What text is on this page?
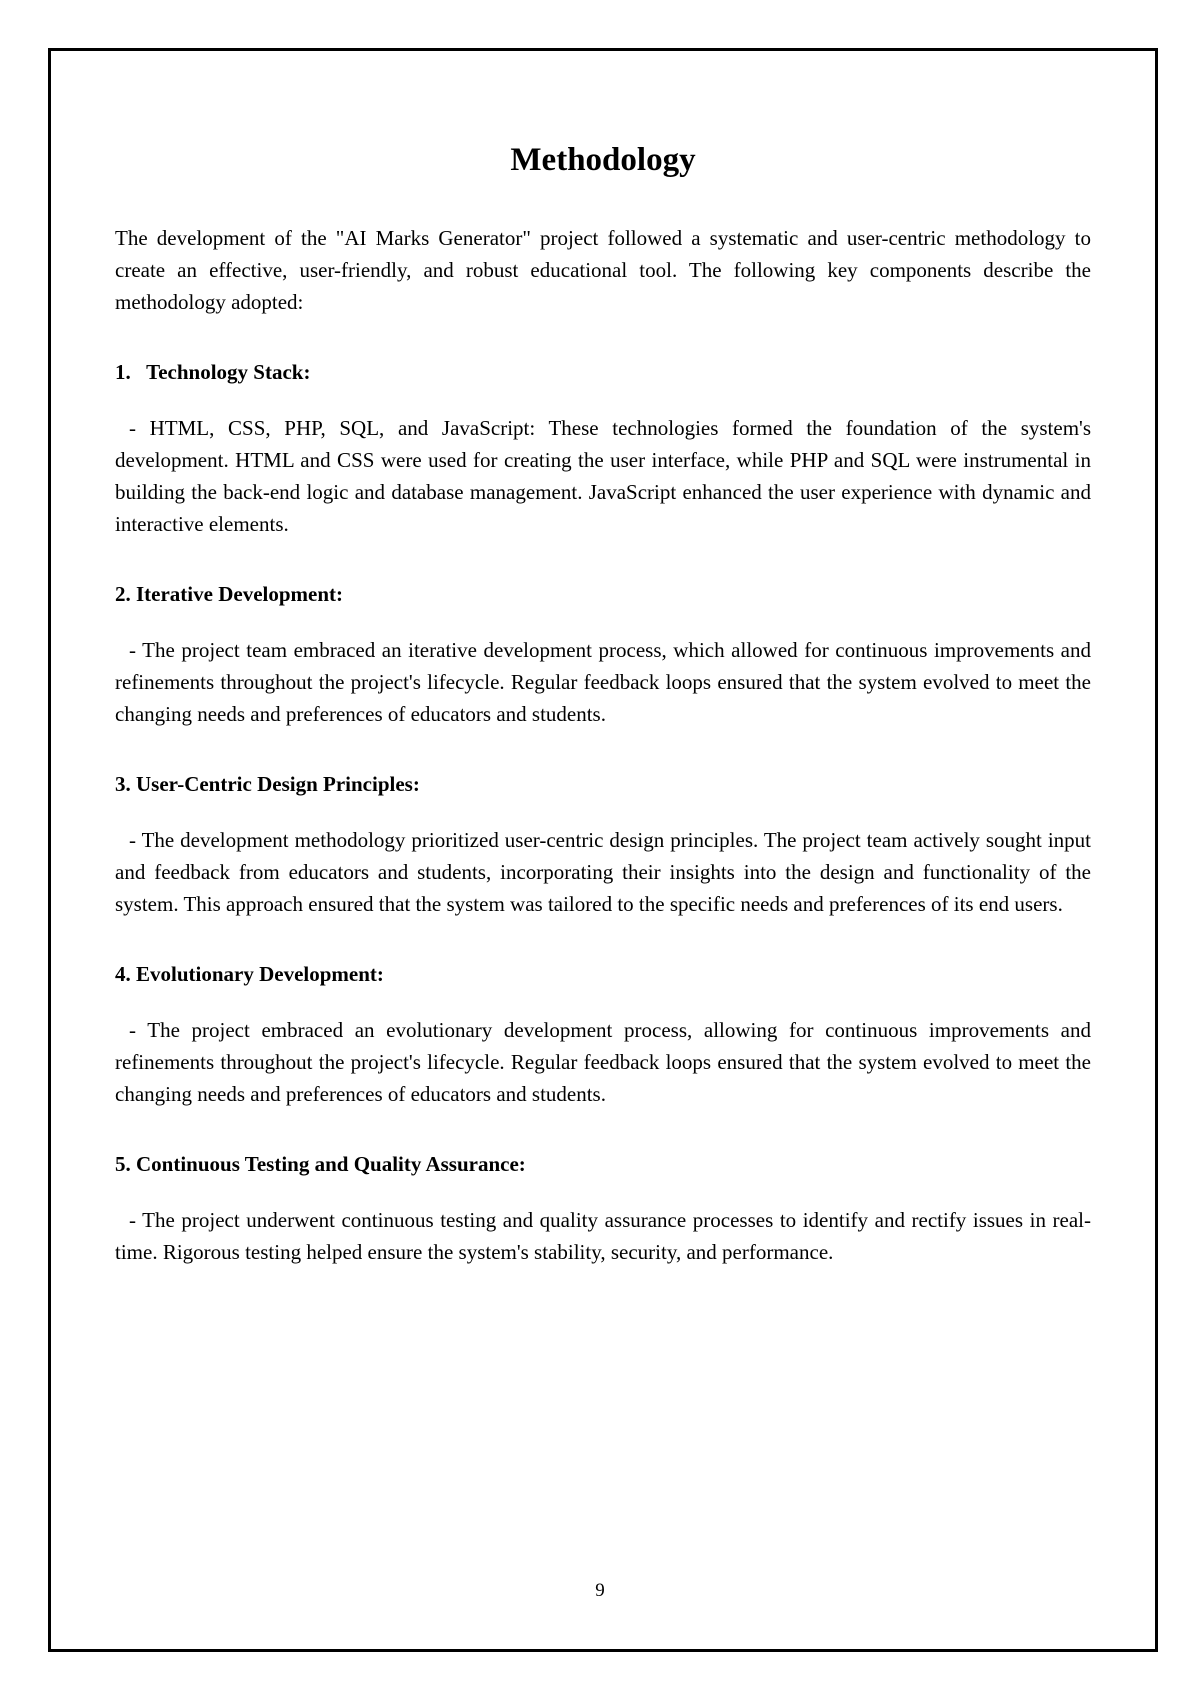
Methodology

The development of the "AI Marks Generator" project followed a systematic and user-centric methodology to create an effective, user-friendly, and robust educational tool. The following key components describe the methodology adopted:

1.   Technology Stack:

- HTML, CSS, PHP, SQL, and JavaScript: These technologies formed the foundation of the system's development. HTML and CSS were used for creating the user interface, while PHP and SQL were instrumental in building the back-end logic and database management. JavaScript enhanced the user experience with dynamic and interactive elements.

2. Iterative Development:

- The project team embraced an iterative development process, which allowed for continuous improvements and refinements throughout the project's lifecycle. Regular feedback loops ensured that the system evolved to meet the changing needs and preferences of educators and students.

3. User-Centric Design Principles:

- The development methodology prioritized user-centric design principles. The project team actively sought input and feedback from educators and students, incorporating their insights into the design and functionality of the system. This approach ensured that the system was tailored to the specific needs and preferences of its end users.

4. Evolutionary Development:

- The project embraced an evolutionary development process, allowing for continuous improvements and refinements throughout the project's lifecycle. Regular feedback loops ensured that the system evolved to meet the changing needs and preferences of educators and students.

5. Continuous Testing and Quality Assurance:

- The project underwent continuous testing and quality assurance processes to identify and rectify issues in real-time. Rigorous testing helped ensure the system's stability, security, and performance.

9
